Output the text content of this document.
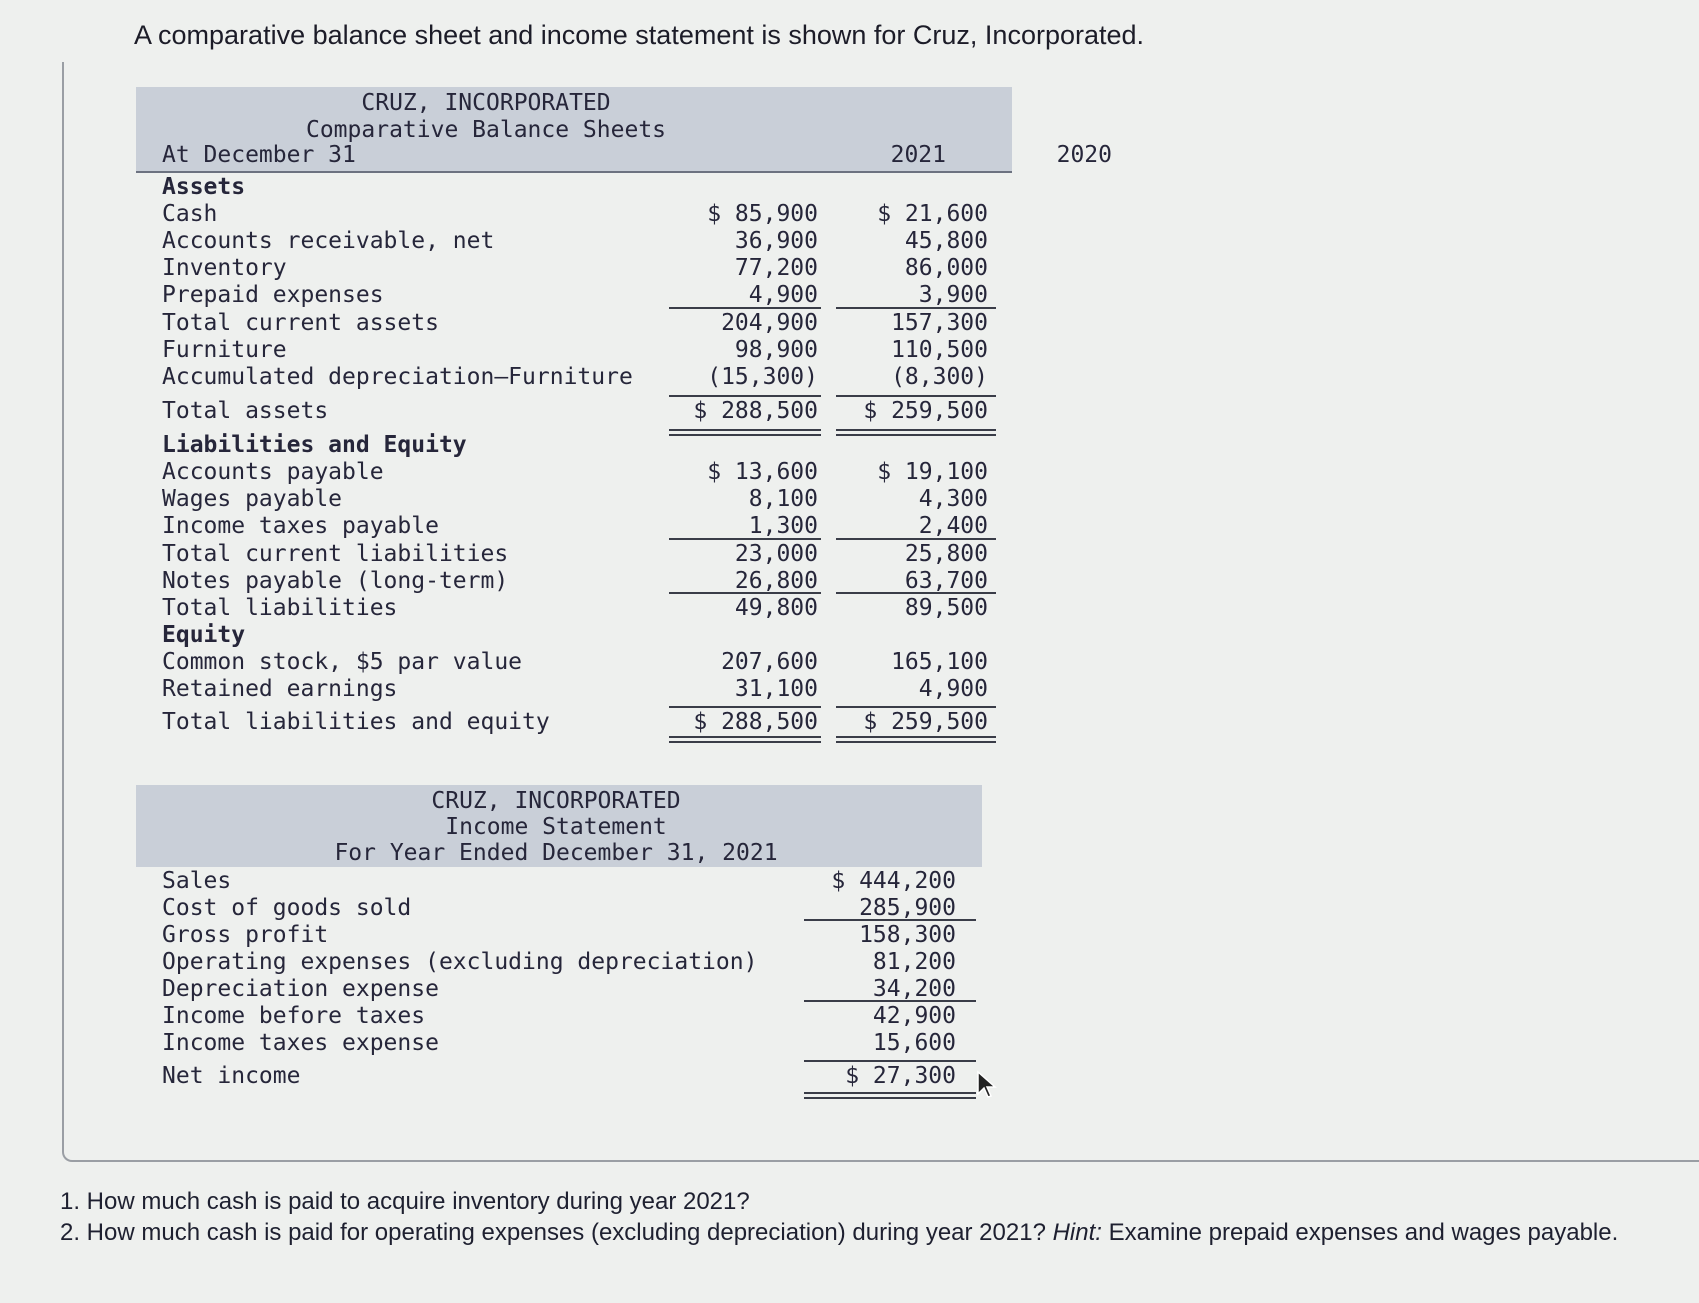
A comparative balance sheet and income statement is shown for Cruz, Incorporated.
CRUZ, INCORPORATED
Comparative Balance Sheets
At December 31	2021	2020
Assets
Cash	$ 85,900	$ 21,600
Accounts receivable, net	36,900	45,800
Inventory	77,200	86,000
Prepaid expenses	4,900	3,900
Total current assets	204,900	157,300
Furniture	98,900	110,500
Accumulated depreciation—Furniture	(15,300)	(8,300)
Total assets	$ 288,500	$ 259,500
Liabilities and Equity
Accounts payable	$ 13,600	$ 19,100
Wages payable	8,100	4,300
Income taxes payable	1,300	2,400
Total current liabilities	23,000	25,800
Notes payable (long-term)	26,800	63,700
Total liabilities	49,800	89,500
Equity
Common stock, $5 par value	207,600	165,100
Retained earnings	31,100	4,900
Total liabilities and equity	$ 288,500	$ 259,500
CRUZ, INCORPORATED
Income Statement
For Year Ended December 31, 2021
Sales	$ 444,200
Cost of goods sold	285,900
Gross profit	158,300
Operating expenses (excluding depreciation)	81,200
Depreciation expense	34,200
Income before taxes	42,900
Income taxes expense	15,600
Net income	$ 27,300
1. How much cash is paid to acquire inventory during year 2021?
2. How much cash is paid for operating expenses (excluding depreciation) during year 2021? Hint: Examine prepaid expenses and wages payable.
